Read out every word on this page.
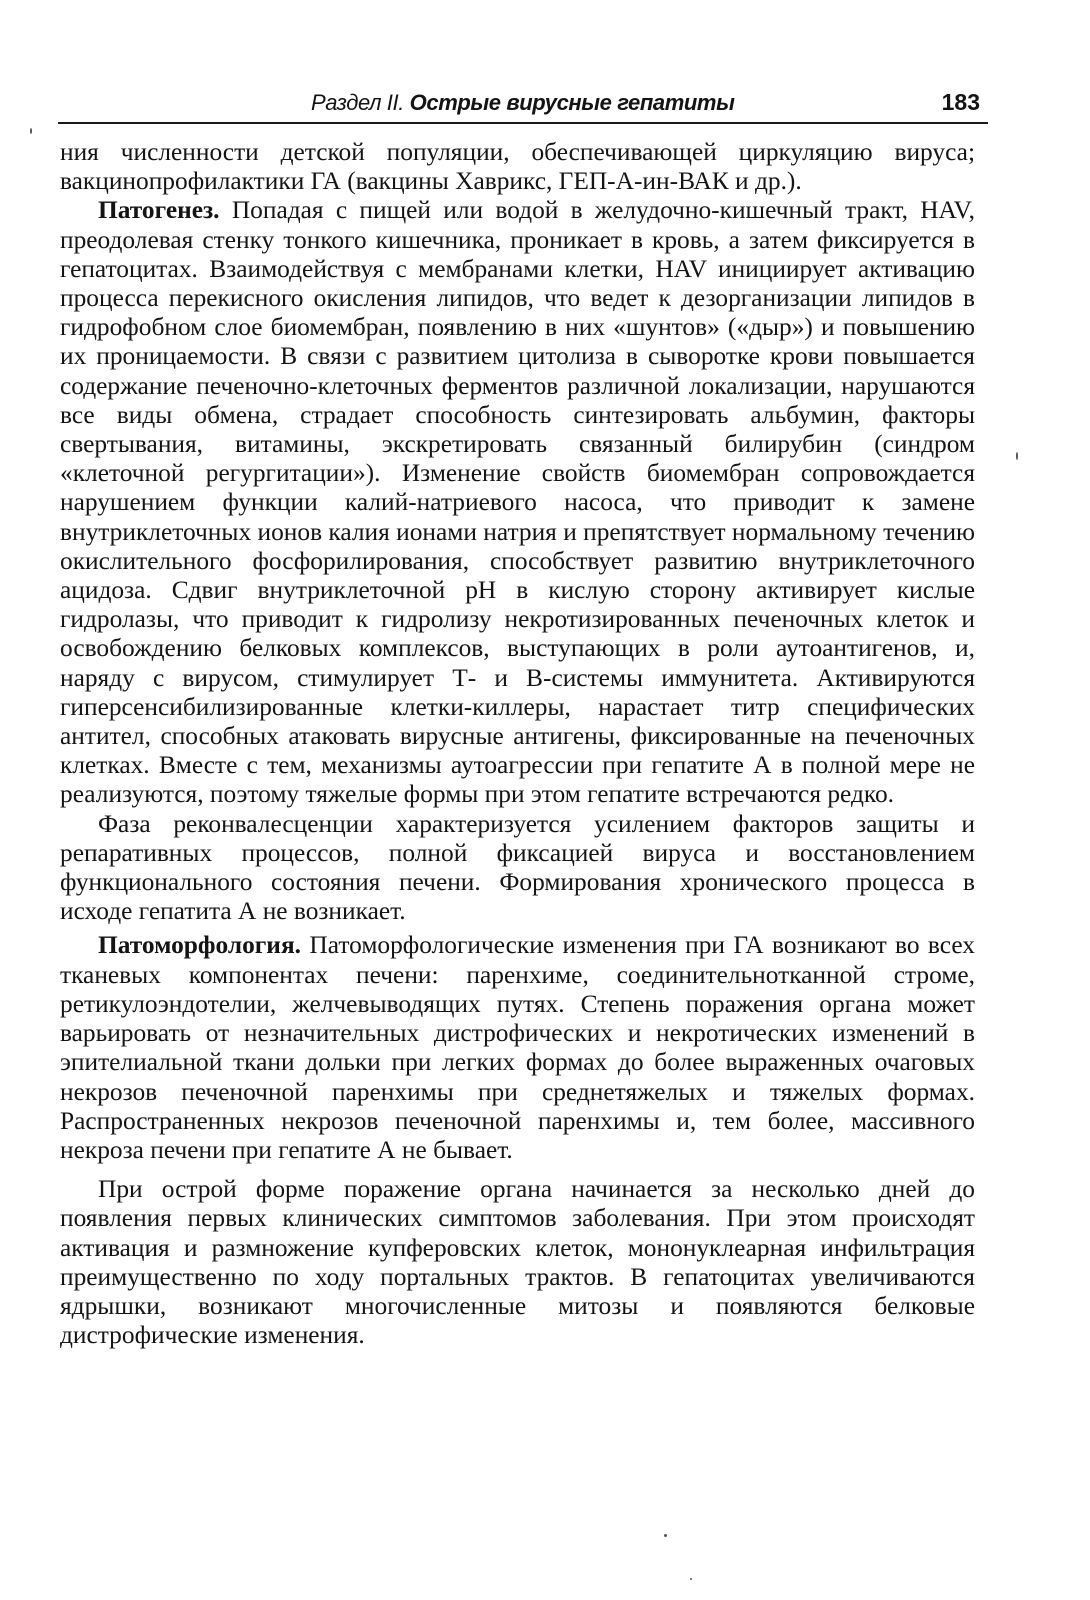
Раздел II. Острые вирусные гепатиты	183

ния численности детской популяции, обеспечивающей циркуляцию вируса; вакцинопрофилактики ГА (вакцины Хаврикс, ГЕП-А-ин-ВАК и др.).

Патогенез. Попадая с пищей или водой в желудочно-кишечный тракт, HAV, преодолевая стенку тонкого кишечника, проникает в кровь, а затем фиксируется в гепатоцитах. Взаимодействуя с мембранами клетки, HAV инициирует активацию процесса перекисного окисления липидов, что ведет к дезорганизации липидов в гидрофобном слое биомембран, появлению в них «шунтов» («дыр») и повышению их проницаемости. В связи с развитием цитолиза в сыворотке крови повышается содержание печеночно-клеточных ферментов различной локализации, нарушаются все виды обмена, страдает способность синтезировать альбумин, факторы свертывания, витамины, экскретировать связанный билирубин (синдром «клеточной регургитации»). Изменение свойств биомембран сопровождается нарушением функции калий-натриевого насоса, что приводит к замене внутриклеточных ионов калия ионами натрия и препятствует нормальному течению окислительного фосфорилирования, способствует развитию внутриклеточного ацидоза. Сдвиг внутриклеточной pH в кислую сторону активирует кислые гидролазы, что приводит к гидролизу некротизированных печеночных клеток и освобождению белковых комплексов, выступающих в роли аутоантигенов, и, наряду с вирусом, стимулирует Т- и В-системы иммунитета. Активируются гиперсенсибилизированные клетки-киллеры, нарастает титр специфических антител, способных атаковать вирусные антигены, фиксированные на печеночных клетках. Вместе с тем, механизмы аутоагрессии при гепатите А в полной мере не реализуются, поэтому тяжелые формы при этом гепатите встречаются редко.

Фаза реконвалесценции характеризуется усилением факторов защиты и репаративных процессов, полной фиксацией вируса и восстановлением функционального состояния печени. Формирования хронического процесса в исходе гепатита А не возникает.

Патоморфология. Патоморфологические изменения при ГА возникают во всех тканевых компонентах печени: паренхиме, соединительнотканной строме, ретикулоэндотелии, желчевыводящих путях. Степень поражения органа может варьировать от незначительных дистрофических и некротических изменений в эпителиальной ткани дольки при легких формах до более выраженных очаговых некрозов печеночной паренхимы при среднетяжелых и тяжелых формах. Распространенных некрозов печеночной паренхимы и, тем более, массивного некроза печени при гепатите А не бывает.

При острой форме поражение органа начинается за несколько дней до появления первых клинических симптомов заболевания. При этом происходят активация и размножение купферовских клеток, мононуклеарная инфильтрация преимущественно по ходу портальных трактов. В гепатоцитах увеличиваются ядрышки, возникают многочисленные митозы и появляются белковые дистрофические изменения.
